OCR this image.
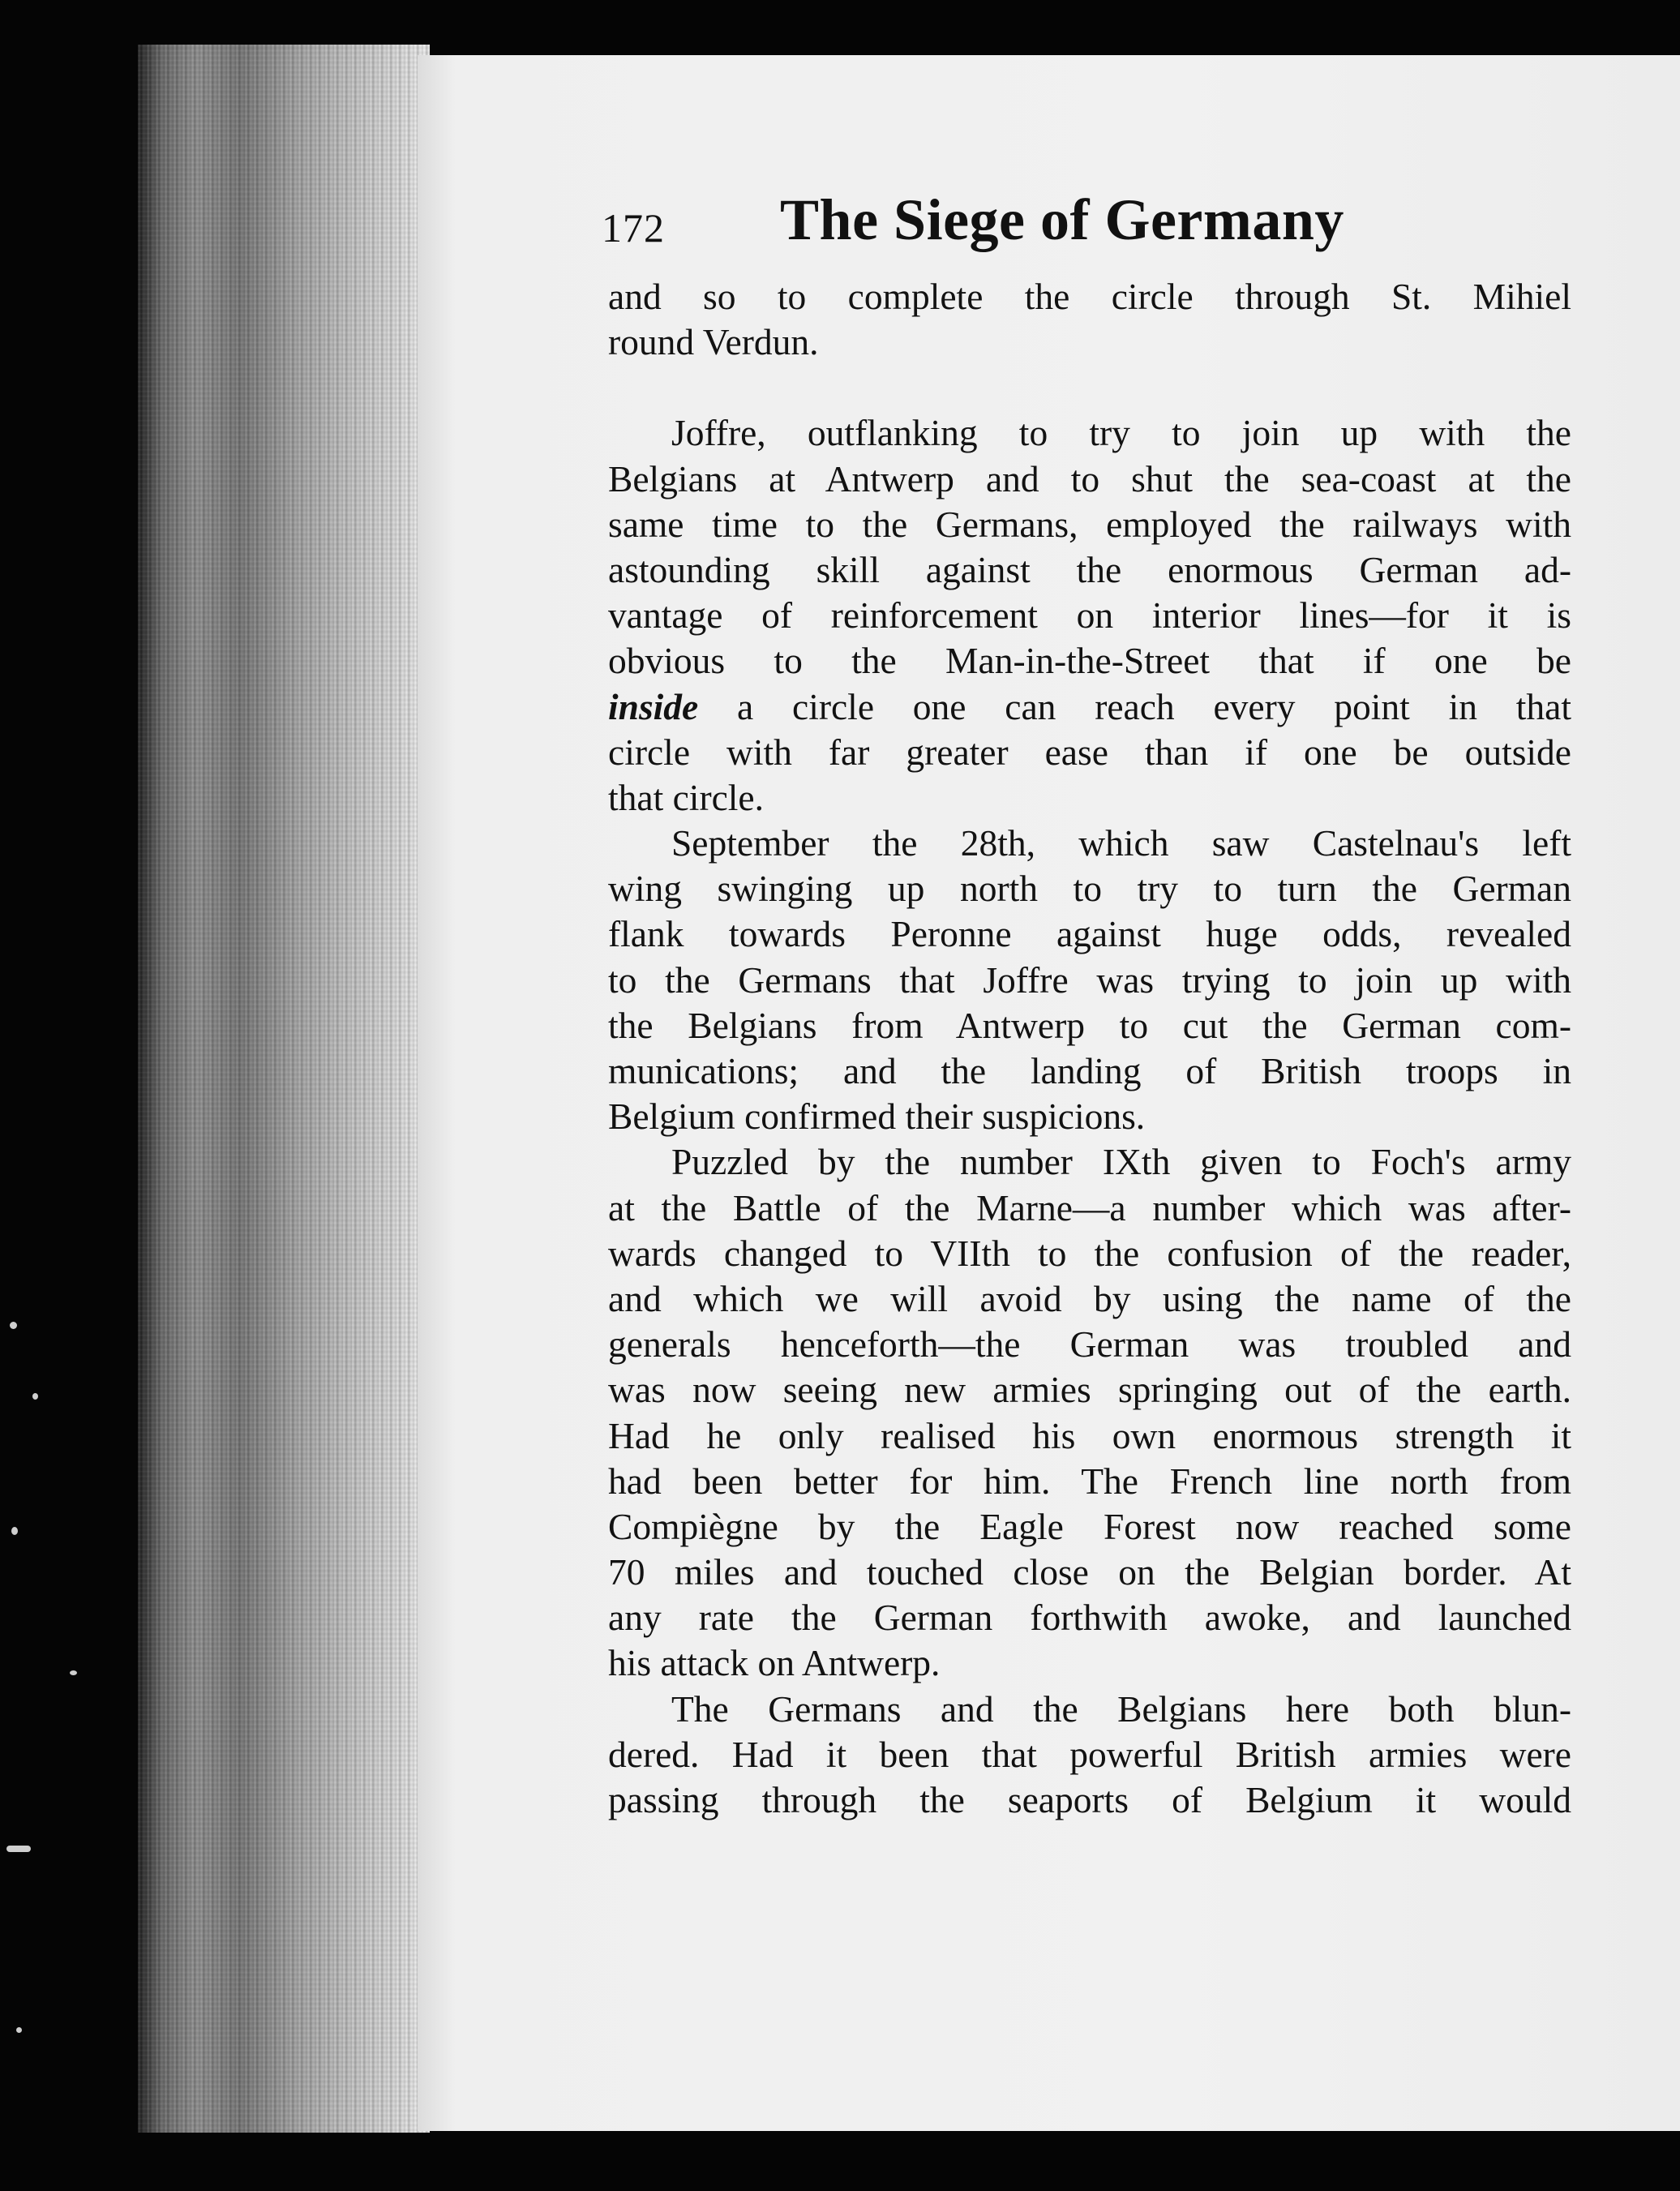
172 The Siege of Germany
and so to complete the circle through St. Mihiel
round Verdun.
Joffre, outflanking to try to join up with the
Belgians at Antwerp and to shut the sea-coast at the
same time to the Germans, employed the railways with
astounding skill against the enormous German ad-
vantage of reinforcement on interior lines—for it is
obvious to the Man-in-the-Street that if one be
inside a circle one can reach every point in that
circle with far greater ease than if one be outside
that circle.
September the 28th, which saw Castelnau's left
wing swinging up north to try to turn the German
flank towards Peronne against huge odds, revealed
to the Germans that Joffre was trying to join up with
the Belgians from Antwerp to cut the German com-
munications; and the landing of British troops in
Belgium confirmed their suspicions.
Puzzled by the number IXth given to Foch's army
at the Battle of the Marne—a number which was after-
wards changed to VIIth to the confusion of the reader,
and which we will avoid by using the name of the
generals henceforth—the German was troubled and
was now seeing new armies springing out of the earth.
Had he only realised his own enormous strength it
had been better for him. The French line north from
Compiègne by the Eagle Forest now reached some
70 miles and touched close on the Belgian border. At
any rate the German forthwith awoke, and launched
his attack on Antwerp.
The Germans and the Belgians here both blun-
dered. Had it been that powerful British armies were
passing through the seaports of Belgium it would
